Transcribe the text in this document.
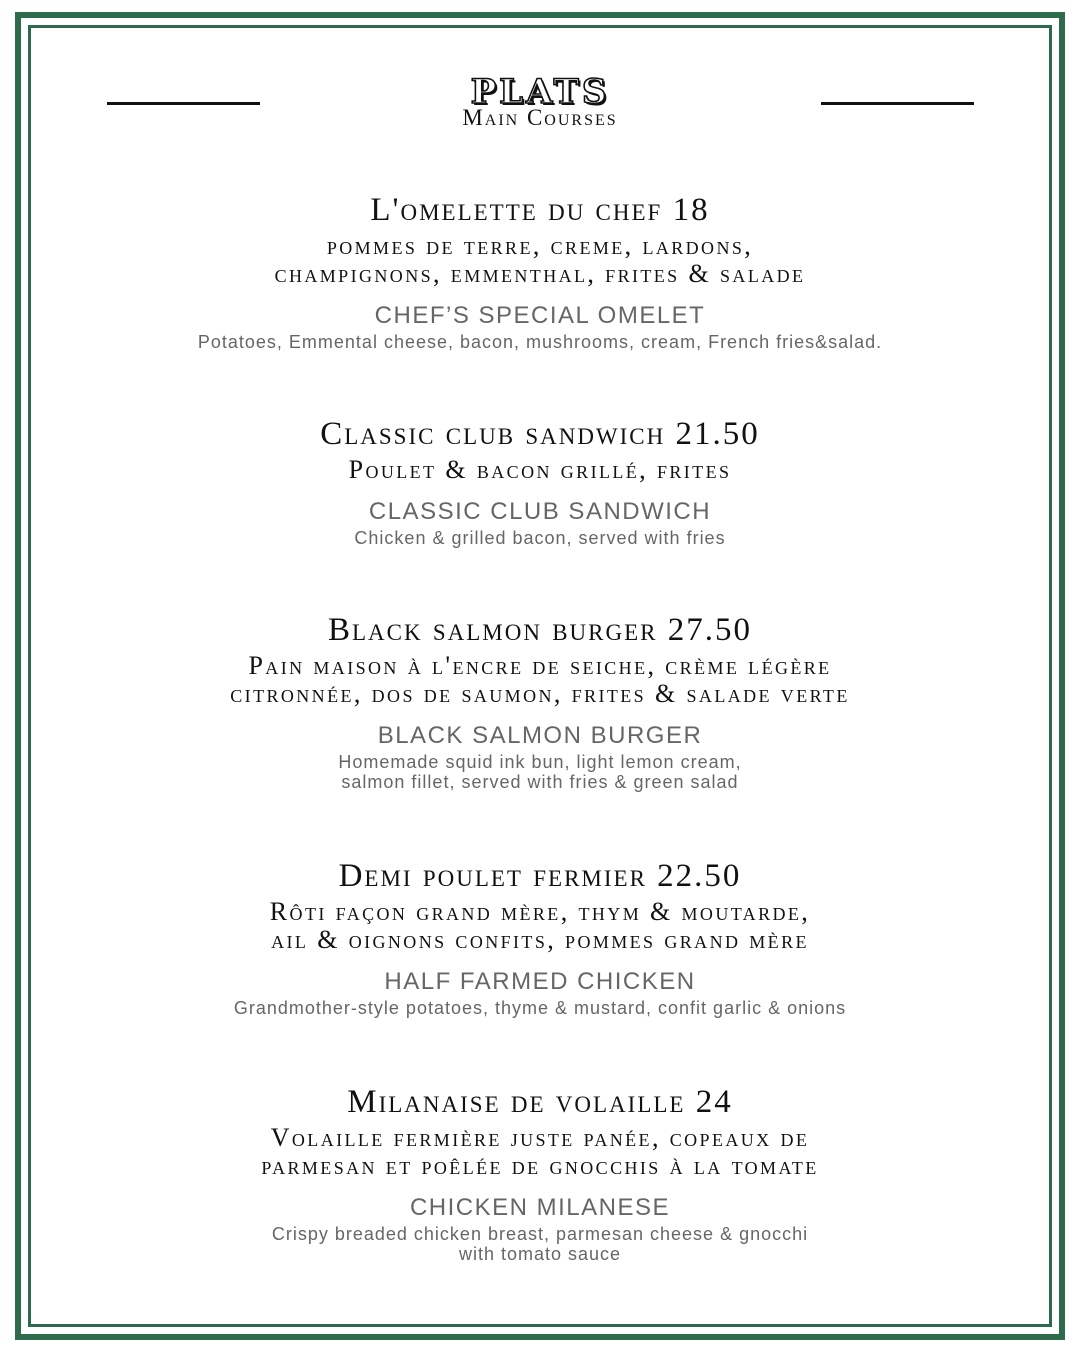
PLATS
Main Courses
L'omelette du chef 18
pommes de terre, creme, lardons,
champignons, emmenthal, frites & salade
CHEF’S SPECIAL OMELET
Potatoes, Emmental cheese, bacon, mushrooms, cream, French fries&salad.
Classic club sandwich 21.50
Poulet & bacon grillé, frites
CLASSIC CLUB SANDWICH
Chicken & grilled bacon, served with fries
Black salmon burger 27.50
Pain maison à l'encre de seiche, crème légère
citronnée, dos de saumon, frites & salade verte
BLACK SALMON BURGER
Homemade squid ink bun, light lemon cream,
salmon fillet, served with fries & green salad
Demi poulet fermier 22.50
Rôti façon grand mère, thym & moutarde,
ail & oignons confits, pommes grand mère
HALF FARMED CHICKEN
Grandmother-style potatoes, thyme & mustard, confit garlic & onions
Milanaise de volaille 24
Volaille fermière juste panée, copeaux de
parmesan et poêlée de gnocchis à la tomate
CHICKEN MILANESE
Crispy breaded chicken breast, parmesan cheese & gnocchi
with tomato sauce
